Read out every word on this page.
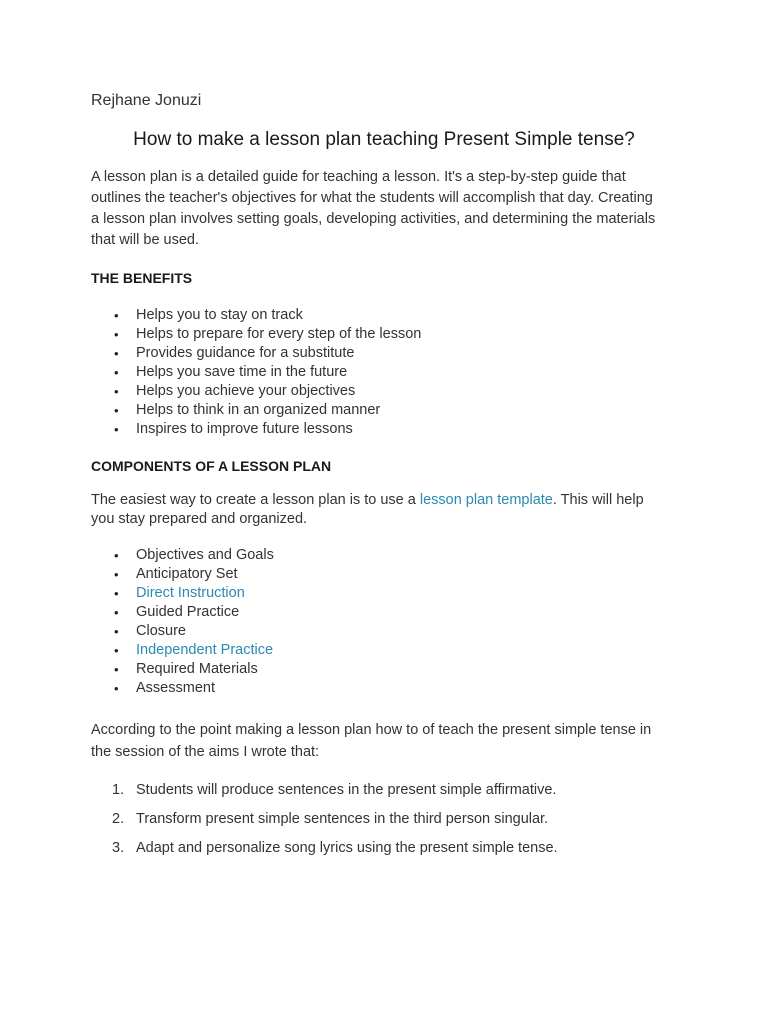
Rejhane Jonuzi
How to make a lesson plan teaching Present Simple tense?
A lesson plan is a detailed guide for teaching a lesson. It's a step-by-step guide that
outlines the teacher's objectives for what the students will accomplish that day. Creating
a lesson plan involves setting goals, developing activities, and determining the materials
that will be used.
THE BENEFITS
• Helps you to stay on track
• Helps to prepare for every step of the lesson
• Provides guidance for a substitute
• Helps you save time in the future
• Helps you achieve your objectives
• Helps to think in an organized manner
• Inspires to improve future lessons
COMPONENTS OF A LESSON PLAN
The easiest way to create a lesson plan is to use a lesson plan template. This will help
you stay prepared and organized.
• Objectives and Goals
• Anticipatory Set
• Direct Instruction
• Guided Practice
• Closure
• Independent Practice
• Required Materials
• Assessment
According to the point making a lesson plan how to of teach the present simple tense in
the session of the aims I wrote that:
1. Students will produce sentences in the present simple affirmative.
2. Transform present simple sentences in the third person singular.
3. Adapt and personalize song lyrics using the present simple tense.
